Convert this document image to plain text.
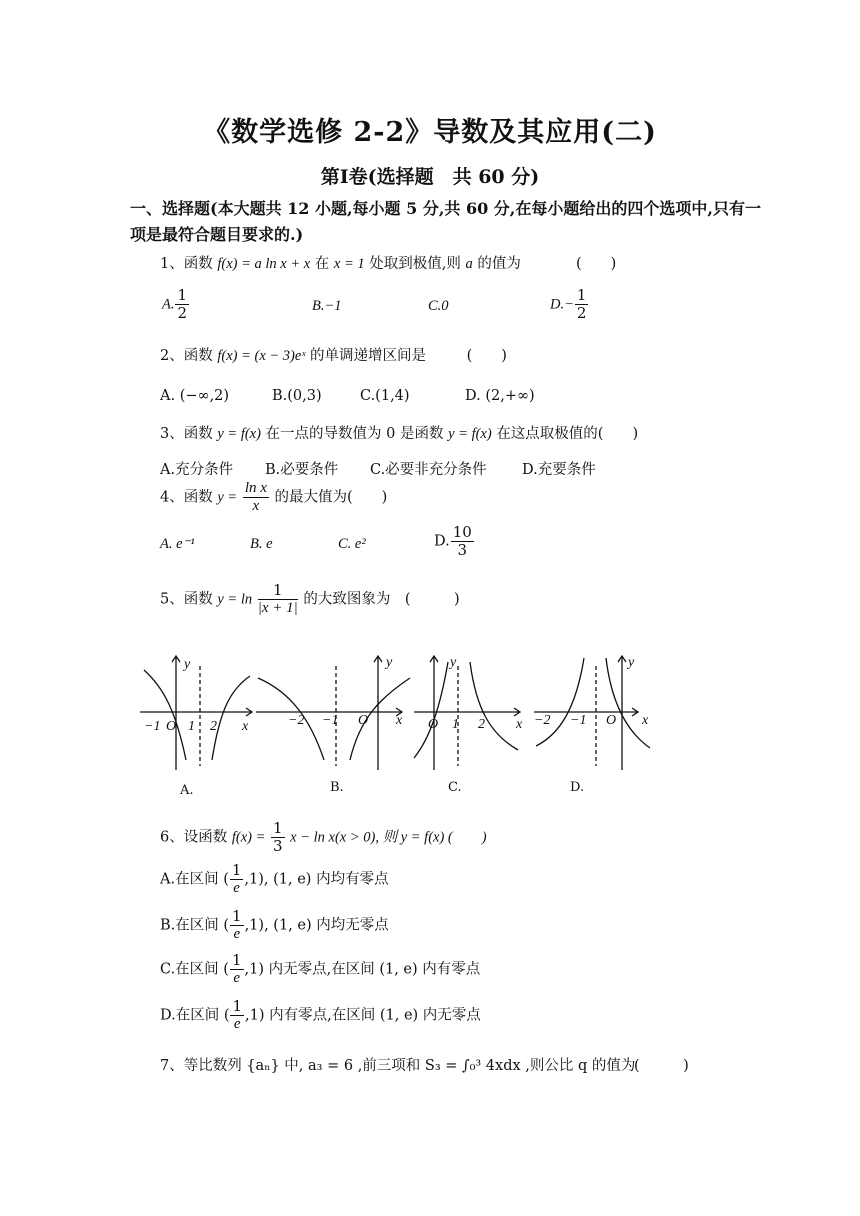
《数学选修 2-2》导数及其应用(二)
第Ⅰ卷(选择题　共 60 分)
一、选择题(本大题共 12 小题,每小题 5 分,共 60 分,在每小题给出的四个选项中,只有一项是最符合题目要求的.)
1、函数 f(x) = a ln x + x 在 x = 1 处取到极值,则 a 的值为	(　　)
A. $\frac{1}{2}$	B.−1	C.0	$D.- \frac{1}{2}$
2、函数 f(x) = (x − 3)eˣ 的单调递增区间是	(　　)
A. (−∞,2)	B.(0,3)	C.(1,4)	D. (2,+∞)
3、函数 y = f(x) 在一点的导数值为 0 是函数 y = f(x) 在这点取极值的(　　)
A.充分条件 B.必要条件 C.必要非充分条件 D.充要条件
4、函数 $y = \frac{\text{ln x}}{x}$ 的最大值为(　　)
A. e⁻¹	B. e	C. e²	D. $\frac{10}{3}$
5、函数 $y = \ln \frac{1}{|x + 1|}$ 的大致图象为　(　　　)
−1 O 1 2 x
y
−2 −1 O x
y
O 1 2 x
y
−2 −1 O x
y
A.	B.	C.	D.
6、设函数 $f(x) = \frac{1}{3}$ x − ln x(x > 0), 则 y = f(x) (　　)
A.在区间 ( $\frac{1}{e} ,1$), (1, e) 内均有零点
B.在区间 ( $\frac{1}{e} ,1$), (1, e) 内均无零点
C.在区间 ( $\frac{1}{e} ,1$) 内无零点,在区间 (1, e) 内有零点
D.在区间 ( $\frac{1}{e} ,1$) 内有零点,在区间 (1, e) 内无零点
7、等比数列 {aₙ} 中, a₃ = 6 ,前三项和 S₃ = ∫₀³ 4xdx ,则公比 q 的值为
(　　　)
